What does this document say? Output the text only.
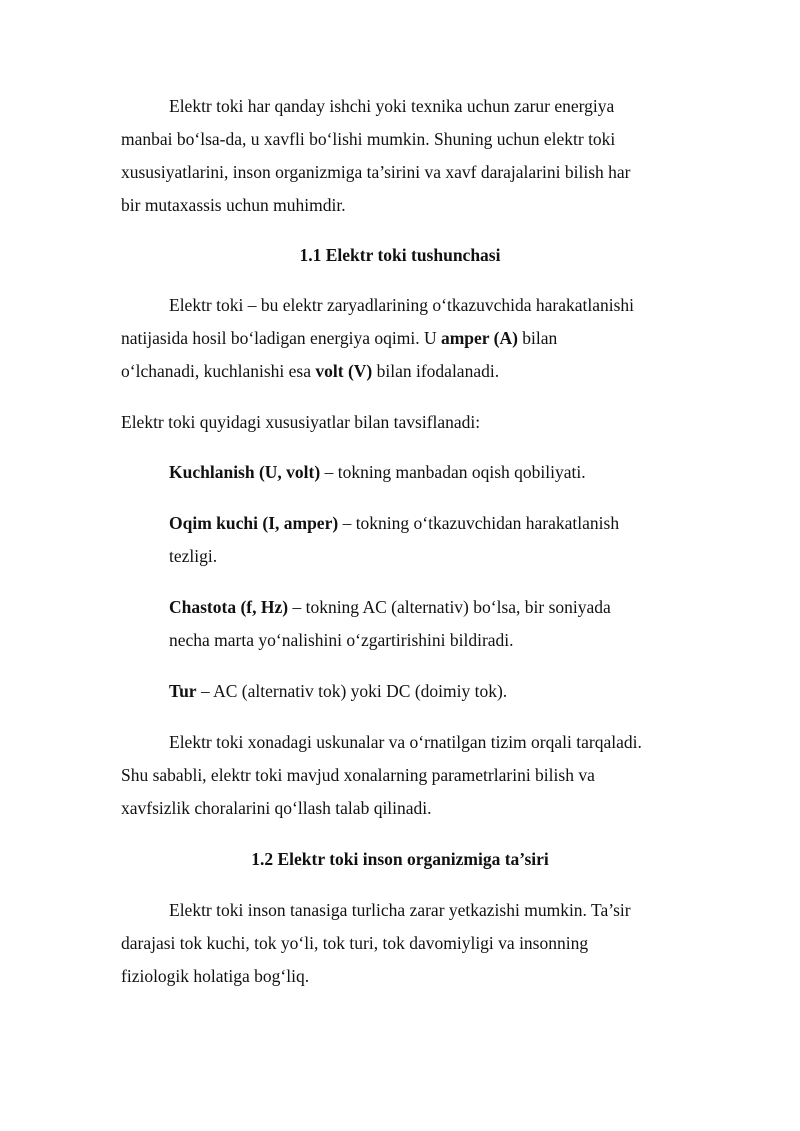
Elektr toki har qanday ishchi yoki texnika uchun zarur energiya
manbai bo‘lsa-da, u xavfli bo‘lishi mumkin. Shuning uchun elektr toki
xususiyatlarini, inson organizmiga ta’sirini va xavf darajalarini bilish har
bir mutaxassis uchun muhimdir.
1.1 Elektr toki tushunchasi
Elektr toki – bu elektr zaryadlarining o‘tkazuvchida harakatlanishi
natijasida hosil bo‘ladigan energiya oqimi. U amper (A) bilan
o‘lchanadi, kuchlanishi esa volt (V) bilan ifodalanadi.
Elektr toki quyidagi xususiyatlar bilan tavsiflanadi:
Kuchlanish (U, volt) – tokning manbadan oqish qobiliyati.
Oqim kuchi (I, amper) – tokning o‘tkazuvchidan harakatlanish
tezligi.
Chastota (f, Hz) – tokning AC (alternativ) bo‘lsa, bir soniyada
necha marta yo‘nalishini o‘zgartirishini bildiradi.
Tur – AC (alternativ tok) yoki DC (doimiy tok).
Elektr toki xonadagi uskunalar va o‘rnatilgan tizim orqali tarqaladi.
Shu sababli, elektr toki mavjud xonalarning parametrlarini bilish va
xavfsizlik choralarini qo‘llash talab qilinadi.
1.2 Elektr toki inson organizmiga ta’siri
Elektr toki inson tanasiga turlicha zarar yetkazishi mumkin. Ta’sir
darajasi tok kuchi, tok yo‘li, tok turi, tok davomiyligi va insonning
fiziologik holatiga bog‘liq.
